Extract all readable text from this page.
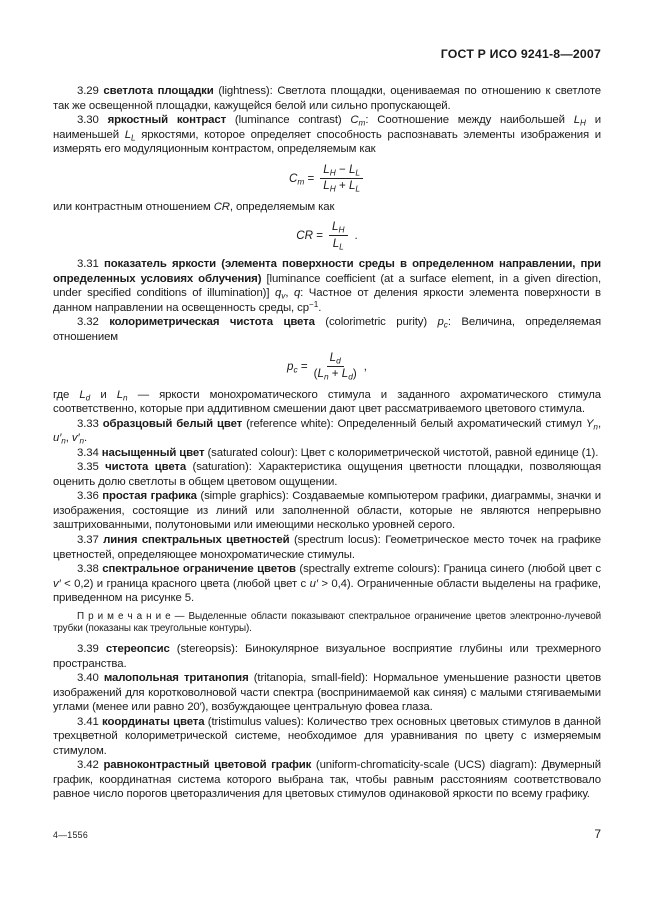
ГОСТ Р ИСО 9241-8—2007

3.29 светлота площадки (lightness): Светлота площадки, оцениваемая по отношению к светлоте так же освещенной площадки, кажущейся белой или сильно пропускающей.

3.30 яркостный контраст (luminance contrast) $C_m$: Соотношение между наибольшей $L_H$ и наименьшей $L_L$ яркостями, которое определяет способность распознавать элементы изображения и измерять его модуляционным контрастом, определяемым как

$C_m = \frac{L_H - L_L}{L_H + L_L}$

или контрастным отношением CR, определяемым как

CR = $\frac{L_H}{L_L}$ .

3.31 показатель яркости (элемента поверхности среды в определенном направлении, при определенных условиях облучения) [luminance coefficient (at a surface element, in a given direction, under specified conditions of illumination)] $q_v$, q: Частное от деления яркости элемента поверхности в данном направлении на освещенность среды, $ср^{-1}$.

3.32 колориметрическая чистота цвета (colorimetric purity) $p_c$: Величина, определяемая отношением

$p_c = \frac{L_d}{(L_n + L_d)}$ ,

где $L_d$ и $L_n$ — яркости монохроматического стимула и заданного ахроматического стимула соответственно, которые при аддитивном смешении дают цвет рассматриваемого цветового стимула.

3.33 образцовый белый цвет (reference white): Определенный белый ахроматический стимул $Y_n$, $u'_n$, $v'_n$.

3.34 насыщенный цвет (saturated colour): Цвет с колориметрической чистотой, равной единице (1).

3.35 чистота цвета (saturation): Характеристика ощущения цветности площадки, позволяющая оценить долю светлоты в общем цветовом ощущении.

3.36 простая графика (simple graphics): Создаваемые компьютером графики, диаграммы, значки и изображения, состоящие из линий или заполненной области, которые не являются непрерывно заштрихованными, полутоновыми или имеющими несколько уровней серого.

3.37 линия спектральных цветностей (spectrum locus): Геометрическое место точек на графике цветностей, определяющее монохроматические стимулы.

3.38 спектральное ограничение цветов (spectrally extreme colours): Граница синего (любой цвет с v′ < 0,2) и граница красного цвета (любой цвет с u′ > 0,4). Ограниченные области выделены на графике, приведенном на рисунке 5.

П р и м е ч а н и е — Выделенные области показывают спектральное ограничение цветов электронно-лучевой трубки (показаны как треугольные контуры).

3.39 стереопсис (stereopsis): Бинокулярное визуальное восприятие глубины или трехмерного пространства.

3.40 малопольная тританопия (tritanopia, small-field): Нормальное уменьшение разности цветов изображений для коротковолновой части спектра (воспринимаемой как синяя) с малыми стягиваемыми углами (менее или равно 20′), возбуждающее центральную фовеа глаза.

3.41 координаты цвета (tristimulus values): Количество трех основных цветовых стимулов в данной трехцветной колориметрической системе, необходимое для уравнивания по цвету с измеряемым стимулом.

3.42 равноконтрастный цветовой график (uniform-chromaticity-scale (UCS) diagram): Двумерный график, координатная система которого выбрана так, чтобы равным расстояниям соответствовало равное число порогов цветоразличения для цветовых стимулов одинаковой яркости по всему графику.

4—1556	7
